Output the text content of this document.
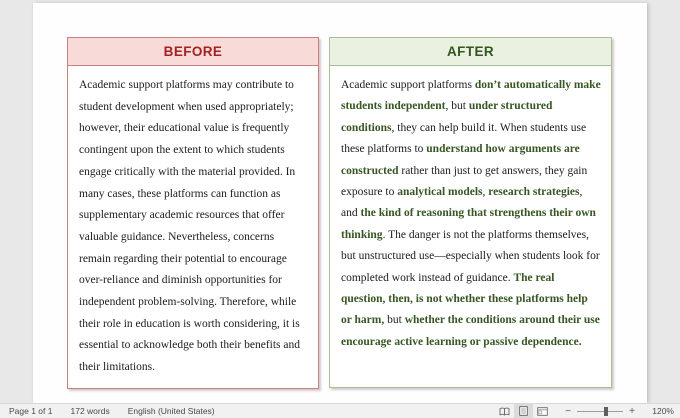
BEFORE
Academic support platforms may contribute to student development when used appropriately; however, their educational value is frequently contingent upon the extent to which students engage critically with the material provided. In many cases, these platforms can function as supplementary academic resources that offer valuable guidance. Nevertheless, concerns remain regarding their potential to encourage over-reliance and diminish opportunities for independent problem-solving. Therefore, while their role in education is worth considering, it is essential to acknowledge both their benefits and their limitations.
AFTER
Academic support platforms don’t automatically make students independent, but under structured conditions, they can help build it. When students use these platforms to understand how arguments are constructed rather than just to get answers, they gain exposure to analytical models, research strategies, and the kind of reasoning that strengthens their own thinking. The danger is not the platforms themselves, but unstructured use—especially when students look for completed work instead of guidance. The real question, then, is not whether these platforms help or harm, but whether the conditions around their use encourage active learning or passive dependence.
Page 1 of 1	172 words	English (United States)	−	+	120%
